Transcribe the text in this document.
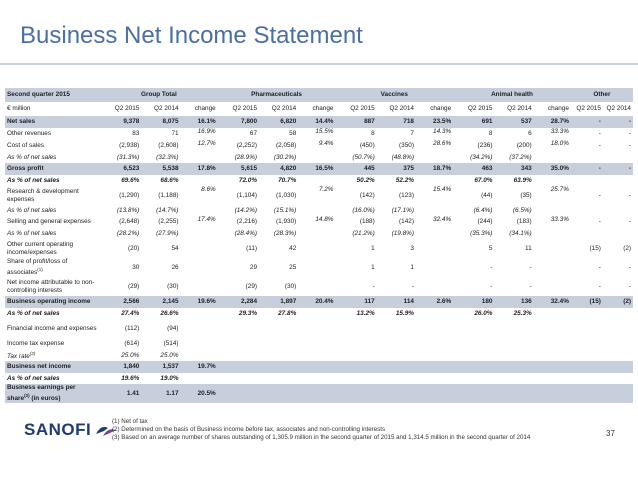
Business Net Income Statement
Second quarter 2015	Group Total			Pharmaceuticals			Vaccines			Animal health			Other	
€ million	Q2 2015	Q2 2014	change	Q2 2015	Q2 2014	change	Q2 2015	Q2 2014	change	Q2 2015	Q2 2014	change	Q2 2015	Q2 2014
Net sales	9,378	8,075	16.1%	7,800	6,820	14.4%	887	718	23.5%	691	537	28.7%	-	-
Other revenues	83	71	16.9%	67	58	15.5%	8	7	14.3%	8	6	33.3%	-	-
Cost of sales	(2,938)	(2,608)	12.7%	(2,252)	(2,058)	9.4%	(450)	(350)	28.6%	(236)	(200)	18.0%	-	-
As % of net sales	(31.3%)	(32.3%)		(28.9%)	(30.2%)		(50.7%)	(48.8%)		(34.2%)	(37.2%)			
Gross profit	6,523	5,538	17.8%	5,615	4,820	16.5%	445	375	18.7%	463	343	35.0%	-	-
As % of net sales	69.6%	68.6%		72.0%	70.7%		50.2%	52.2%		67.0%	63.9%			
Research & development expenses	(1,290)	(1,188)	8.6%	(1,104)	(1,030)	7.2%	(142)	(123)	15.4%	(44)	(35)	25.7%	-	-
As % of net sales	(13.8%)	(14.7%)		(14.2%)	(15.1%)		(16.0%)	(17.1%)		(6.4%)	(6.5%)			
Selling and general expenses	(2,648)	(2,255)	17.4%	(2,216)	(1,930)	14.8%	(188)	(142)	32.4%	(244)	(183)	33.3%	-	-
As % of net sales	(28.2%)	(27.9%)		(28.4%)	(28.3%)		(21.2%)	(19.8%)		(35.3%)	(34.1%)			
Other current operating income/expenses	(20)	54		(11)	42		1	3		5	11		(15)	(2)
Share of profit/loss of associates$^{(1)}$	30	26		29	25		1	1		-	-		-	-
Net income attributable to non-controlling interests	(29)	(30)		(29)	(30)		-	-		-	-		-	-
Business operating income	2,566	2,145	19.6%	2,284	1,897	20.4%	117	114	2.6%	180	136	32.4%	(15)	(2)
As % of net sales	27.4%	26.6%		29.3%	27.8%		13.2%	15.9%		26.0%	25.3%			
Financial income and expenses	(112)	(94)												
Income tax expense	(614)	(514)												
Tax rate$^{(2)}$	25.0%	25.0%												
Business net income	1,840	1,537	19.7%											
As % of net sales	19.6%	19.0%												
Business earnings per share$^{(3)}$ (in euros)	1.41	1.17	20.5%											
SANOFI	(1) Net of tax
(2) Determined on the basis of Business income before tax, associates and non-controlling interests
(3) Based on an average number of shares outstanding of 1,305.9 million in the second quarter of 2015 and 1,314.5 million in the second quarter of 2014	37
